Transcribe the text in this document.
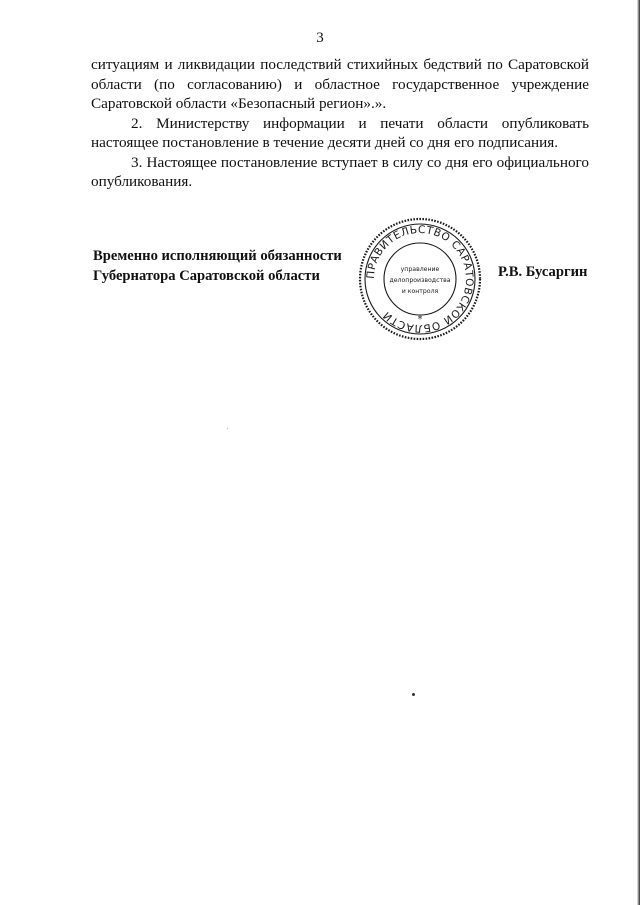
3

ситуациям и ликвидации последствий стихийных бедствий по Саратовской области (по согласованию) и областное государственное учреждение Саратовской области «Безопасный регион».».

2. Министерству информации и печати области опубликовать настоящее постановление в течение десяти дней со дня его подписания.

3. Настоящее постановление вступает в силу со дня его официального опубликования.

Временно исполняющий обязанности
Губернатора Саратовской области	ПРАВИТЕЛЬСТВО САРАТОВСКОЙ ОБЛАСТИ
управление
делопроизводства
и контроля
*
Р.В. Бусаргин
